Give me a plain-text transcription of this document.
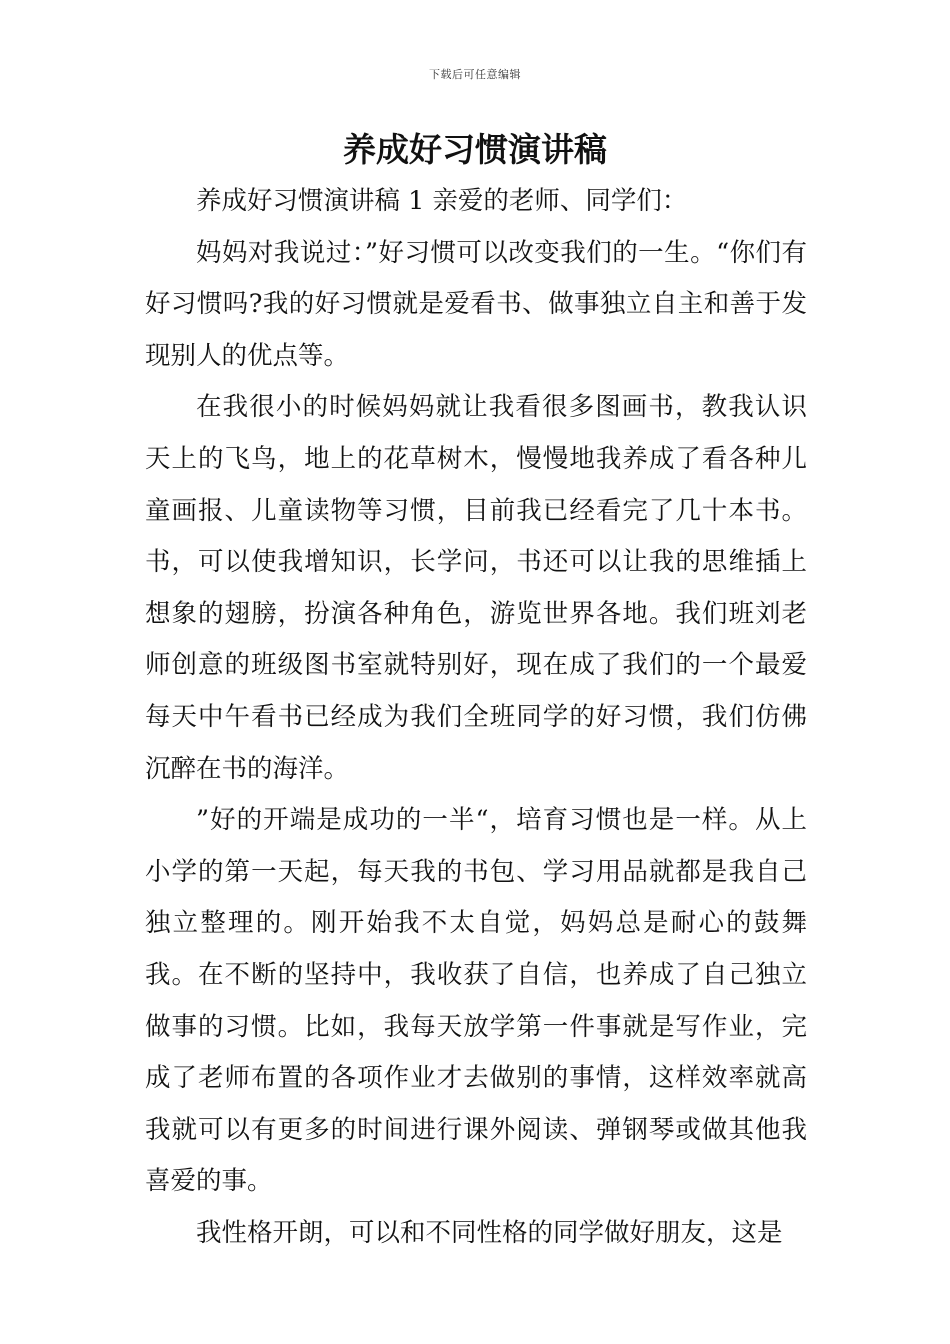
下载后可任意编辑
养成好习惯演讲稿

养成好习惯演讲稿 1 亲爱的老师、同学们：

妈妈对我说过：”好习惯可以改变我们的一生。“你们有好习惯吗?我的好习惯就是爱看书、做事独立自主和善于发现别人的优点等。

在我很小的时候妈妈就让我看很多图画书，教我认识天上的飞鸟，地上的花草树木，慢慢地我养成了看各种儿童画报、儿童读物等习惯，目前我已经看完了几十本书。书，可以使我增知识，长学问，书还可以让我的思维插上想象的翅膀，扮演各种角色，游览世界各地。我们班刘老师创意的班级图书室就特别好，现在成了我们的一个最爱每天中午看书已经成为我们全班同学的好习惯，我们仿佛沉醉在书的海洋。

”好的开端是成功的一半“，培育习惯也是一样。从上小学的第一天起，每天我的书包、学习用品就都是我自己独立整理的。刚开始我不太自觉，妈妈总是耐心的鼓舞我。在不断的坚持中，我收获了自信，也养成了自己独立做事的习惯。比如，我每天放学第一件事就是写作业，完成了老师布置的各项作业才去做别的事情，这样效率就高我就可以有更多的时间进行课外阅读、弹钢琴或做其他我喜爱的事。

我性格开朗，可以和不同性格的同学做好朋友，这是
